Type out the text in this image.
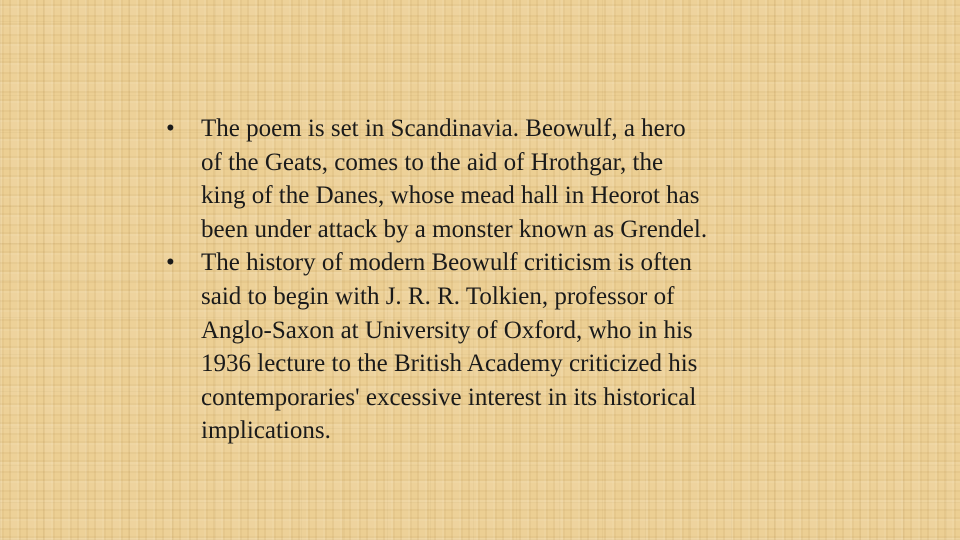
•	The poem is set in Scandinavia. Beowulf, a hero
of the Geats, comes to the aid of Hrothgar, the
king of the Danes, whose mead hall in Heorot has
been under attack by a monster known as Grendel.
•	The history of modern Beowulf criticism is often
said to begin with J. R. R. Tolkien, professor of
Anglo-Saxon at University of Oxford, who in his
1936 lecture to the British Academy criticized his
contemporaries' excessive interest in its historical
implications.
